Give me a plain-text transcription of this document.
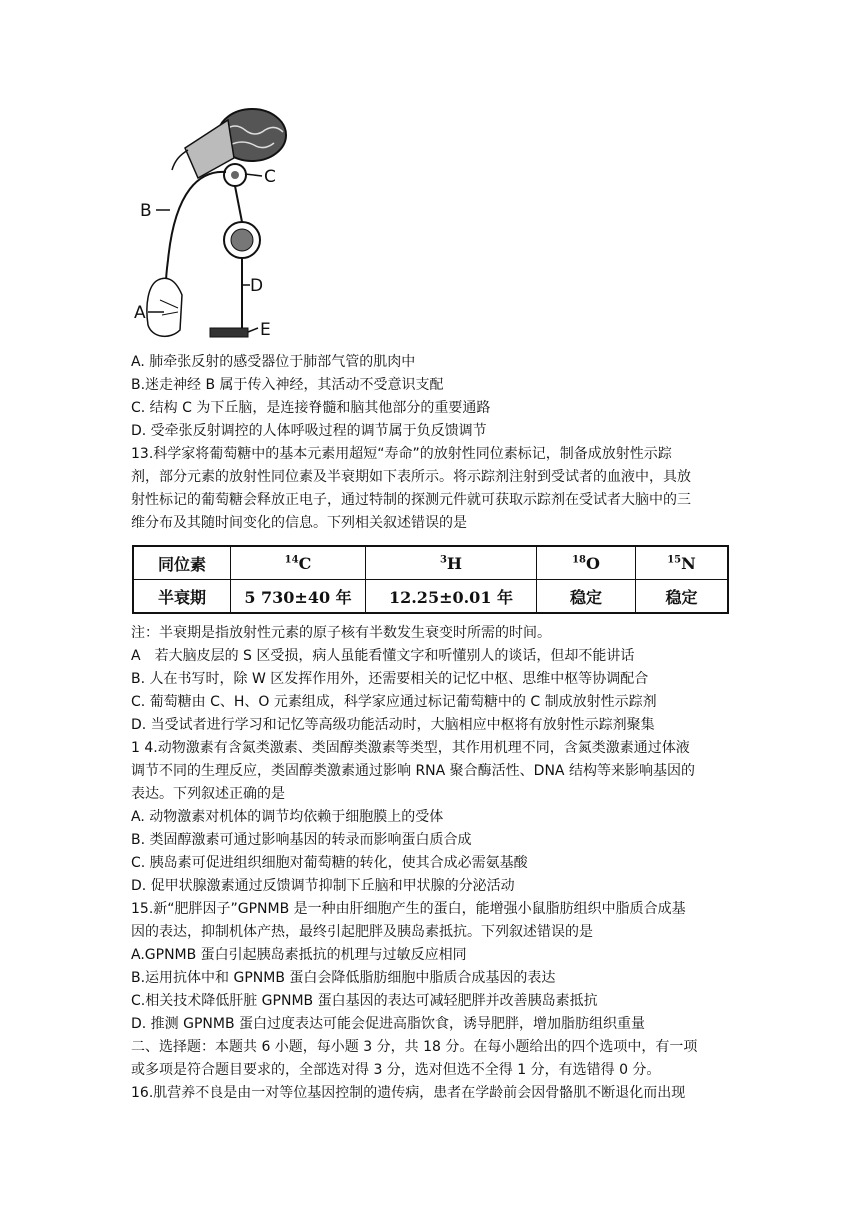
A
B
C
D
E
A. 肺牵张反射的感受器位于肺部气管的肌肉中
B.迷走神经 B 属于传入神经，其活动不受意识支配
C. 结构 C 为下丘脑，是连接脊髓和脑其他部分的重要通路
D. 受牵张反射调控的人体呼吸过程的调节属于负反馈调节
13.科学家将葡萄糖中的基本元素用超短“寿命”的放射性同位素标记，制备成放射性示踪
剂，部分元素的放射性同位素及半衰期如下表所示。将示踪剂注射到受试者的血液中，具放
射性标记的葡萄糖会释放正电子，通过特制的探测元件就可获取示踪剂在受试者大脑中的三
维分布及其随时间变化的信息。下列相关叙述错误的是
同位素	$^{14}$C	$^3$H	$^{18}$O	$^{15}$N
半衰期	5 730±40 年	12.25±0.01 年	稳定	稳定
注：半衰期是指放射性元素的原子核有半数发生衰变时所需的时间。
A　若大脑皮层的 S 区受损，病人虽能看懂文字和听懂别人的谈话，但却不能讲话
B. 人在书写时，除 W 区发挥作用外，还需要相关的记忆中枢、思维中枢等协调配合
C. 葡萄糖由 C、H、O 元素组成，科学家应通过标记葡萄糖中的 C 制成放射性示踪剂
D. 当受试者进行学习和记忆等高级功能活动时，大脑相应中枢将有放射性示踪剂聚集
1 4.动物激素有含氮类激素、类固醇类激素等类型，其作用机理不同，含氮类激素通过体液
调节不同的生理反应，类固醇类激素通过影响 RNA 聚合酶活性、DNA 结构等来影响基因的
表达。下列叙述正确的是
A. 动物激素对机体的调节均依赖于细胞膜上的受体
B. 类固醇激素可通过影响基因的转录而影响蛋白质合成
C. 胰岛素可促进组织细胞对葡萄糖的转化，使其合成必需氨基酸
D. 促甲状腺激素通过反馈调节抑制下丘脑和甲状腺的分泌活动
15.新“肥胖因子”GPNMB 是一种由肝细胞产生的蛋白，能增强小鼠脂肪组织中脂质合成基
因的表达，抑制机体产热，最终引起肥胖及胰岛素抵抗。下列叙述错误的是
A.GPNMB 蛋白引起胰岛素抵抗的机理与过敏反应相同
B.运用抗体中和 GPNMB 蛋白会降低脂肪细胞中脂质合成基因的表达
C.相关技术降低肝脏 GPNMB 蛋白基因的表达可减轻肥胖并改善胰岛素抵抗
D. 推测 GPNMB 蛋白过度表达可能会促进高脂饮食，诱导肥胖，增加脂肪组织重量
二、选择题：本题共 6 小题，每小题 3 分，共 18 分。在每小题给出的四个选项中，有一项
或多项是符合题目要求的，全部选对得 3 分，选对但选不全得 1 分，有选错得 0 分。
16.肌营养不良是由一对等位基因控制的遗传病，患者在学龄前会因骨骼肌不断退化而出现
